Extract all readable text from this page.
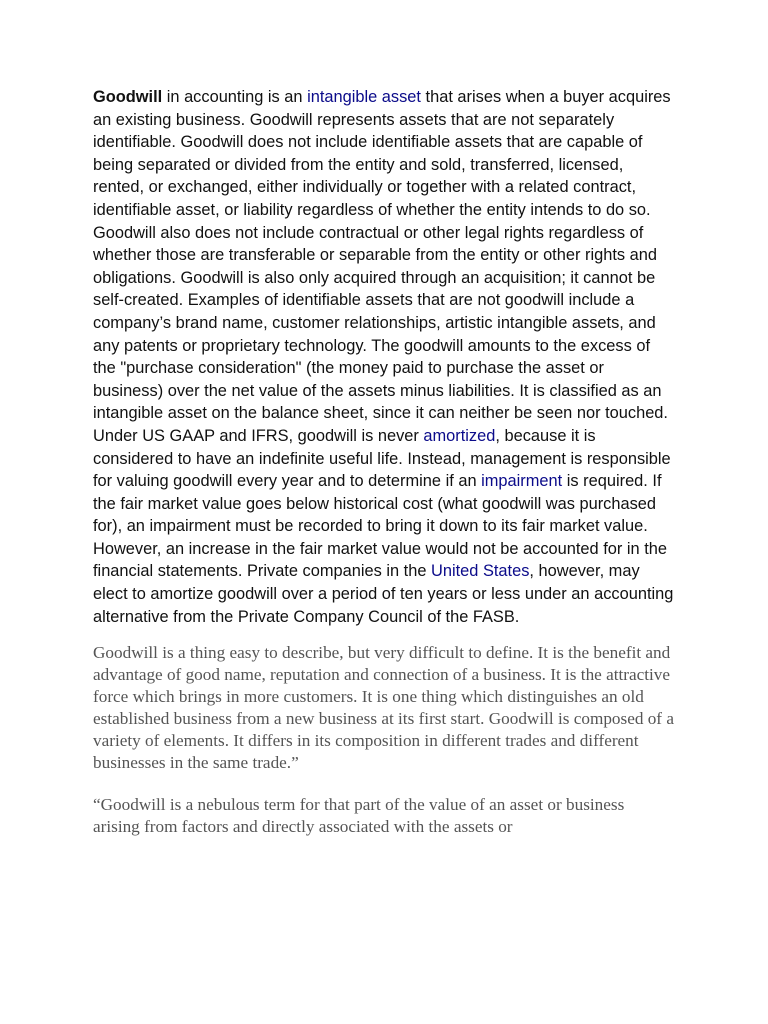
Goodwill in accounting is an intangible asset that arises when a buyer acquires an existing business. Goodwill represents assets that are not separately identifiable. Goodwill does not include identifiable assets that are capable of being separated or divided from the entity and sold, transferred, licensed, rented, or exchanged, either individually or together with a related contract, identifiable asset, or liability regardless of whether the entity intends to do so. Goodwill also does not include contractual or other legal rights regardless of whether those are transferable or separable from the entity or other rights and obligations. Goodwill is also only acquired through an acquisition; it cannot be self-created. Examples of identifiable assets that are not goodwill include a company’s brand name, customer relationships, artistic intangible assets, and any patents or proprietary technology. The goodwill amounts to the excess of the "purchase consideration" (the money paid to purchase the asset or business) over the net value of the assets minus liabilities. It is classified as an intangible asset on the balance sheet, since it can neither be seen nor touched. Under US GAAP and IFRS, goodwill is never amortized, because it is considered to have an indefinite useful life. Instead, management is responsible for valuing goodwill every year and to determine if an impairment is required. If the fair market value goes below historical cost (what goodwill was purchased for), an impairment must be recorded to bring it down to its fair market value. However, an increase in the fair market value would not be accounted for in the financial statements. Private companies in the United States, however, may elect to amortize goodwill over a period of ten years or less under an accounting alternative from the Private Company Council of the FASB.

Goodwill is a thing easy to describe, but very difficult to define. It is the benefit and advantage of good name, reputation and connection of a business. It is the attractive force which brings in more customers. It is one thing which distinguishes an old established business from a new business at its first start. Goodwill is composed of a variety of elements. It differs in its composition in different trades and different businesses in the same trade.”

“Goodwill is a nebulous term for that part of the value of an asset or business arising from factors and directly associated with the assets or
